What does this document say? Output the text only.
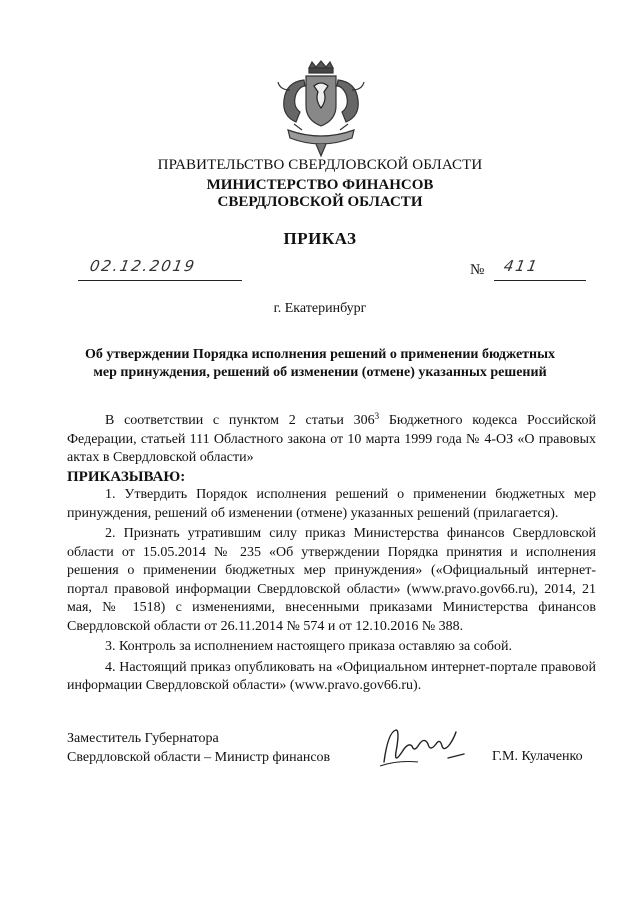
ПРАВИТЕЛЬСТВО СВЕРДЛОВСКОЙ ОБЛАСТИ
МИНИСТЕРСТВО ФИНАНСОВ
СВЕРДЛОВСКОЙ ОБЛАСТИ
ПРИКАЗ
02.12.2019	№ 411
г. Екатеринбург
Об утверждении Порядка исполнения решений о применении бюджетных
мер принуждения, решений об изменении (отмене) указанных решений

В соответствии с пунктом 2 статьи $306^3$ Бюджетного кодекса Российской Федерации, статьей 111 Областного закона от 10 марта 1999 года № 4-ОЗ «О правовых актах в Свердловской области»

ПРИКАЗЫВАЮ:

1. Утвердить Порядок исполнения решений о применении бюджетных мер принуждения, решений об изменении (отмене) указанных решений (прилагается).

2. Признать утратившим силу приказ Министерства финансов Свердловской области от 15.05.2014 № 235 «Об утверждении Порядка принятия и исполнения решения о применении бюджетных мер принуждения» («Официальный интернет-портал правовой информации Свердловской области» (www.pravo.gov66.ru), 2014, 21 мая, № 1518) с изменениями, внесенными приказами Министерства финансов Свердловской области от 26.11.2014 № 574 и от 12.10.2016 № 388.

3. Контроль за исполнением настоящего приказа оставляю за собой.

4. Настоящий приказ опубликовать на «Официальном интернет-портале правовой информации Свердловской области» (www.pravo.gov66.ru).

Заместитель Губернатора
Свердловской области – Министр финансов	Г.М. Кулаченко
